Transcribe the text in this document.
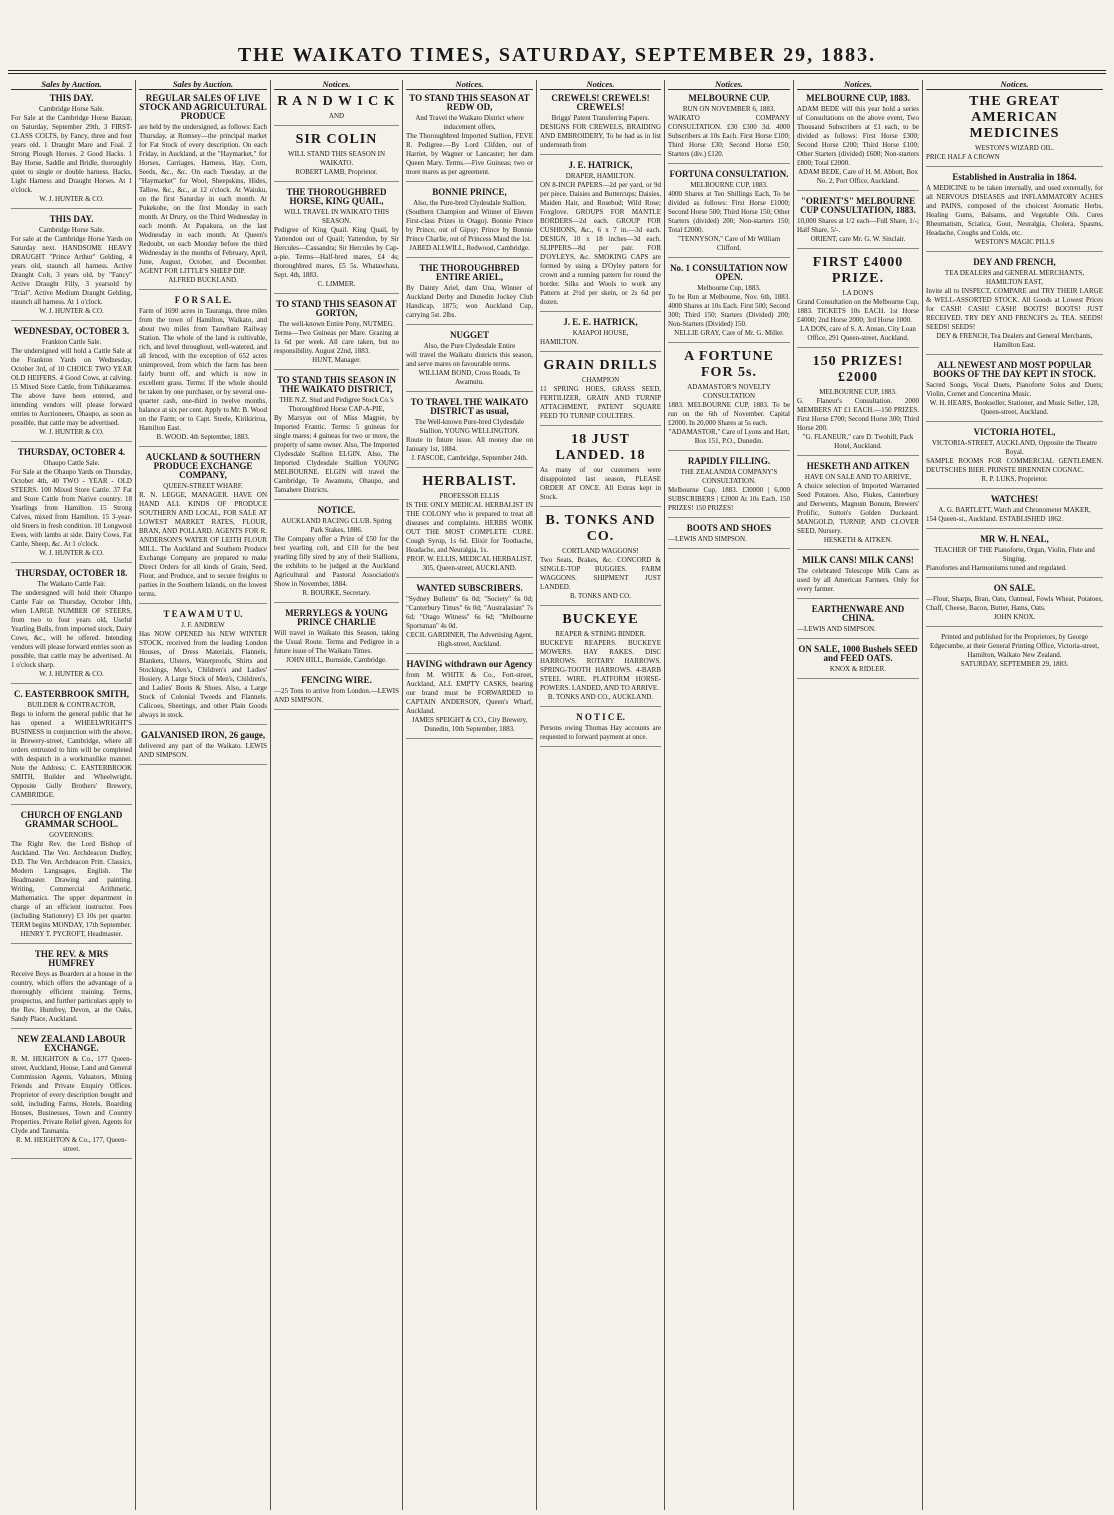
THE WAIKATO TIMES, SATURDAY, SEPTEMBER 29, 1883.
Sales by Auction.
THIS DAY.
Cambridge Horse Sale.
For Sale at the Cambridge Horse Bazaar, on Saturday, September 29th, 3 FIRST-CLASS COLTS, by Fancy, three and four years old. 1 Draught Mare and Foal. 2 Strong Plough Horses. 2 Good Hacks. 1 Bay Horse, Saddle and Bridle, thoroughly quiet to single or double harness. Hacks, Light Harness and Draught Horses. At 1 o'clock.
W. J. HUNTER & CO.
THIS DAY.
Cambridge Horse Sale.
For sale at the Cambridge Horse Yards on Saturday next. HANDSOME HEAVY DRAUGHT "Prince Arthur" Gelding, 4 years old, staunch all harness. Active Draught Colt, 3 years old, by "Fancy" Active Draught Filly, 3 yearsold by "Trial". Active Medium Draught Gelding, staunch all harness. At 1 o'clock.
W. J. HUNTER & CO.
WEDNESDAY, OCTOBER 3.
Frankton Cattle Sale.
The undersigned will hold a Cattle Sale at the Frankton Yards on Wednesday, October 3rd, of 10 CHOICE TWO YEAR OLD HEIFERS. 4 Good Cows, at calving. 15 Mixed Store Cattle, from Tuhikaramea. The above have been entered, and intending vendors will please forward entries to Auctioneers, Ohaupo, as soon as possible, that cattle may be advertised.
W. J. HUNTER & CO.
THURSDAY, OCTOBER 4.
Ohaupo Cattle Sale.
For Sale at the Ohaupo Yards on Thursday, October 4th, 40 TWO - YEAR - OLD STEERS. 100 Mixed Store Cattle. 37 Fat and Store Cattle from Native country. 18 Yearlings from Hamilton. 15 Strong Calves, mixed from Hamilton. 15 3-year-old Steers in fresh condition. 10 Longwool Ewes, with lambs at side. Dairy Cows, Fat Cattle, Sheep, &c. At 1 o'clock.
W. J. HUNTER & CO.
THURSDAY, OCTOBER 18.
The Waikato Cattle Fair.
The undersigned will hold their Ohaupo Cattle Fair on Thursday, October 18th, when LARGE NUMBER OF STEERS, from two to four years old, Useful Yearling Bulls, from imported stock, Dairy Cows, &c., will be offered. Intending vendors will please forward entries soon as possible, that cattle may be advertised. At 1 o'clock sharp.
W. J. HUNTER & CO.
C. EASTERBROOK SMITH,
BUILDER & CONTRACTOR,
Begs to inform the general public that he has opened a WHEELWRIGHT'S BUSINESS in conjunction with the above, in Brewery-street, Cambridge, where all orders entrusted to him will be completed with despatch in a workmanlike manner. Note the Address: C. EASTERBROOK SMITH, Builder and Wheelwright, Opposite Gully Brothers' Brewery, CAMBRIDGE.
CHURCH OF ENGLAND GRAMMAR SCHOOL.
GOVERNORS:
The Right Rev. the Lord Bishop of Auckland. The Ven. Archdeacon Dudley, D.D. The Ven. Archdeacon Pritt. Classics, Modern Languages, English. The Headmaster. Drawing and painting. Writing, Commercial Arithmetic, Mathematics. The upper department in charge of an efficient instructor. Fees (including Stationery) £3 10s per quarter. TERM begins MONDAY, 17th September.
HENRY T. PYCROFT, Headmaster.
THE REV. & MRS HUMFREY
Receive Boys as Boarders at a house in the country, which offers the advantage of a thoroughly efficient training. Terms, prospectus, and further particulars apply to the Rev. Humfrey, Devon, at the Oaks, Sandy Place, Auckland.
NEW ZEALAND LABOUR EXCHANGE.
R. M. HEIGHTON & Co., 177 Queen-street, Auckland, House, Land and General Commission Agents, Valuators, Mining Friends and Private Enquiry Offices. Proprietor of every description bought and sold, including Farms, Hotels, Boarding Houses, Businesses, Town and Country Properties. Private Relief given. Agents for Clyde and Tasmania.
R. M. HEIGHTON & Co., 177, Queen-street.
Sales by Auction.
REGULAR SALES OF LIVE STOCK AND AGRICULTURAL PRODUCE
are held by the undersigned, as follows: Each Thursday, at Romsey—the principal market for Fat Stock of every description. On each Friday, in Auckland, at the "Haymarket," for Horses, Carriages, Harness, Hay, Corn, Seeds, &c., &c. On each Tuesday, at the "Haymarket" for Wool, Sheepskins, Hides, Tallow, &c., &c., at 12 o'clock. At Waiuku, on the first Saturday in each month. At Pukekohe, on the first Monday in each month. At Drury, on the Third Wednesday in each month. At Papakura, on the last Wednesday in each month. At Queen's Redoubt, on each Monday before the third Wednesday in the months of February, April, June, August, October, and December. AGENT FOR LITTLE'S SHEEP DIP.
ALFRED BUCKLAND.
F O R S A L E.
Farm of 1690 acres in Tauranga, three miles from the town of Hamilton, Waikato, and about two miles from Tauwhare Railway Station. The whole of the land is cultivable, rich, and level throughout, well-watered, and all fenced, with the exception of 652 acres unimproved, from which the farm has been fairly burnt off, and which is now in excellent grass. Terms: If the whole should be taken by one purchaser, or by several one-quarter cash, one-third in twelve months, balance at six per cent. Apply to Mr. B. Wood on the Farm; or to Capt. Steele, Kirikiriroa, Hamilton East.
B. WOOD. 4th September, 1883.
AUCKLAND & SOUTHERN PRODUCE EXCHANGE COMPANY,
QUEEN-STREET WHARF.
R. N. LEGGE, MANAGER. HAVE ON HAND ALL KINDS OF PRODUCE SOUTHERN AND LOCAL, FOR SALE AT LOWEST MARKET RATES, FLOUR, BRAN, AND POLLARD. AGENTS FOR R. ANDERSON'S WATER OF LEITH FLOUR MILL. The Auckland and Southern Produce Exchange Company are prepared to make Direct Orders for all kinds of Grain, Seed, Flour, and Produce, and to secure freights to parties in the Southern Islands, on the lowest terms.
T E A W A M U T U.
J. F. ANDREW
Has NOW OPENED his NEW WINTER STOCK, received from the leading London Houses, of Dress Materials, Flannels, Blankets, Ulsters, Waterproofs, Shirts and Stockings, Men's, Children's and Ladies' Hosiery. A Large Stock of Men's, Children's, and Ladies' Boots & Shoes. Also, a Large Stock of Colonial Tweeds and Flannels. Calicoes, Sheetings, and other Plain Goods always in stock.
GALVANISED IRON, 26 gauge,
delivered any part of the Waikato. LEWIS AND SIMPSON.
Notices.
R A N D W I C K
AND
SIR COLIN
WILL STAND THIS SEASON IN WAIKATO.
ROBERT LAMB, Proprietor.
THE THOROUGHBRED HORSE, KING QUAIL,
WILL TRAVEL IN WAIKATO THIS SEASON.
Pedigree of King Quail. King Quail, by Yattendon out of Quail; Yattendon, by Sir Hercules—Cassandra; Sir Hercules by Cap-a-pie. Terms—Half-bred mares, £4 4s; thoroughbred mares, £5 5s. Whatawhata, Sept. 4th, 1883.
C. LIMMER.
TO STAND THIS SEASON AT GORTON,
The well-known Entire Pony, NUTMEG.
Terms—Two Guineas per Mare. Grazing at 1s 6d per week. All care taken, but no responsibility. August 22nd, 1883.
HUNT, Manager.
TO STAND THIS SEASON IN THE WAIKATO DISTRICT,
THE N.Z. Stud and Pedigree Stock Co.'s Thoroughbred Horse CAP-A-PIE,
By Marsyas out of Miss Magpie, by Imported Frantic. Terms: 5 guineas for single mares; 4 guineas for two or more, the property of same owner. Also, The Imported Clydesdale Stallion ELGIN. Also, The Imported Clydesdale Stallion YOUNG MELBOURNE. ELGIN will travel the Cambridge, Te Awamutu, Ohaupo, and Tamahere Districts.
NOTICE.
AUCKLAND RACING CLUB. Spring Park Stakes, 1886.
The Company offer a Prize of £50 for the best yearling colt, and £10 for the best yearling filly sired by any of their Stallions, the exhibits to be judged at the Auckland Agricultural and Pastoral Association's Show in November, 1884.
R. BOURKE, Secretary.
MERRYLEGS & YOUNG PRINCE CHARLIE
Will travel in Waikato this Season, taking the Usual Route. Terms and Pedigree in a future issue of The Waikato Times.
JOHN HILL, Burnside, Cambridge.
FENCING WIRE.
—25 Tons to arrive from London.—LEWIS AND SIMPSON.
Notices.
TO STAND THIS SEASON AT REDW OD,
And Travel the Waikato District where inducement offers,
The Thoroughbred Imported Stallion, FEVE R. Pedigree.—By Lord Clifden, out of Harriet, by Wagner or Lancaster; her dam Queen Mary. Terms.—Five Guineas; two or more mares as per agreement.
BONNIE PRINCE,
Also, the Pure-bred Clydesdale Stallion,
(Southern Champion and Winner of Eleven First-class Prizes in Otago). Bonnie Prince by Prince, out of Gipsy; Prince by Bonnie Prince Charlie, out of Princess Maud the 1st.
JABED ALLWILL, Redwood, Cambridge.
THE THOROUGHBRED ENTIRE ARIEL,
By Dainty Ariel, dam Una, Winner of Auckland Derby and Dunedin Jockey Club Handicap, 1875; won Auckland Cup, carrying 5st. 2lbs.
NUGGET
Also, the Pure Clydesdale Entire
will travel the Waikato districts this season, and serve mares on favourable terms.
WILLIAM BOND, Cross Roads, Te Awamutu.
TO TRAVEL THE WAIKATO DISTRICT as usual,
The Well-known Pure-bred Clydesdale Stallion, YOUNG WELLINGTON.
Route in future issue. All money due on January 1st, 1884.
J. FASCOE, Cambridge, September 24th.
HERBALIST.
PROFESSOR ELLIS
IS THE ONLY MEDICAL HERBALIST IN THE COLONY who is prepared to treat all diseases and complaints. HERBS WORK OUT THE MOST COMPLETE CURE. Cough Syrup, 1s 6d. Elixir for Toothache, Headache, and Neuralgia, 1s.
PROF. W. ELLIS, MEDICAL HERBALIST, 305, Queen-street, AUCKLAND.
WANTED SUBSCRIBERS.
"Sydney Bulletin" 6s 0d; "Society" 6s 0d; "Canterbury Times" 6s 0d; "Australasian" 7s 6d; "Otago Witness" 6s 6d; "Melbourne Sportsman" 4s 0d.
CECIL GARDINER, The Advertising Agent, High-street, Auckland.
HAVING withdrawn our Agency
from M. WHITE & Co., Fort-street, Auckland, ALL EMPTY CASKS, bearing our brand must be FORWARDED to CAPTAIN ANDERSON, Queen's Wharf, Auckland.
JAMES SPEIGHT & CO., City Brewery, Dunedin, 10th September, 1883.
Notices.
CREWELS! CREWELS! CREWELS!
Briggs' Patent Transferring Papers.
DESIGNS FOR CREWELS, BRAIDING AND EMBROIDERY, To be had as in list underneath from
J. E. HATRICK,
DRAPER, HAMILTON.
ON 8-INCH PAPERS—2d per yard, or 9d per piece. Daisies and Buttercups; Daisies, Maiden Hair, and Rosebud; Wild Rose; Foxglove. GROUPS FOR MANTLE BORDERS—2d each. GROUP FOR CUSHIONS, &c., 6 x 7 in.—3d each. DESIGN, 10 x 18 inches—3d each. SLIPPERS—8d per pair. FOR D'OYLEYS, &c. SMOKING CAPS are formed by using a D'Oyley pattern for crown and a running pattern for round the border. Silks and Wools to work any Pattern at 2½d per skein, or 2s 6d per dozen.
J. E. E. HATRICK,
KAIAPOI HOUSE,
HAMILTON.
GRAIN DRILLS
CHAMPION
11 SPRING HOES, GRASS SEED, FERTILIZER, GRAIN AND TURNIP ATTACHMENT, PATENT SQUARE FEED TO TURNIP COULTERS.
18 JUST LANDED. 18
As many of our customers were disappointed last season, PLEASE ORDER AT ONCE. All Extras kept in Stock.
B. TONKS AND CO.
CORTLAND WAGGONS!
Two Seats, Brakes, &c. CONCORD & SINGLE-TOP BUGGIES. FARM WAGGONS. SHIPMENT JUST LANDED.
B. TONKS AND CO.
BUCKEYE
REAPER & STRING BINDER.
BUCKEYE REAPERS. BUCKEYE MOWERS. HAY RAKES. DISC HARROWS. ROTARY HARROWS. SPRING-TOOTH HARROWS. 4-BARB STEEL WIRE. PLATFORM HORSE-POWERS. LANDED, AND TO ARRIVE.
B. TONKS AND CO., AUCKLAND.
N O T I C E.
Persons owing Thomas Hay accounts are requested to forward payment at once.
Notices.
MELBOURNE CUP.
RUN ON NOVEMBER 6, 1883.
WAIKATO COMPANY CONSULTATION. £30 £300 3d. 4000 Subscribers at 10s Each. First Horse £100; Third Horse £30; Second Horse £50; Starters (div.) £120.
FORTUNA CONSULTATION.
MELBOURNE CUP, 1883.
4000 Shares at Ten Shillings Each, To be divided as follows: First Horse £1000; Second Horse 500; Third Horse 150; Other Starters (divided) 200; Non-starters 150; Total £2000.
"TENNYSON," Care of Mr William Clifford.
No. 1 CONSULTATION NOW OPEN.
Melbourne Cup, 1883.
To be Run at Melbourne, Nov. 6th, 1883. 4000 Shares at 10s Each. First 500; Second 300; Third 150; Starters (Divided) 200; Non-Starters (Divided) 150.
NELLIE GRAY, Care of Mr. G. Miller.
A FORTUNE FOR 5s.
ADAMASTOR'S NOVELTY CONSULTATION
1883. MELBOURNE CUP, 1883. To be run on the 6th of November. Capital £2000. In 20,000 Shares at 5s each.
"ADAMASTOR," Care of Lyons and Hart, Box 151, P.O., Dunedin.
RAPIDLY FILLING.
THE ZEALANDIA COMPANY'S CONSULTATION.
Melbourne Cup, 1883. £30000 | 6,000 SUBSCRIBERS | £2000 At 10s Each. 150 PRIZES! 150 PRIZES!
BOOTS AND SHOES
—LEWIS AND SIMPSON.
Notices.
MELBOURNE CUP, 1883.
ADAM BEDE will this year hold a series of Consultations on the above event, Two Thousand Subscribers at £1 each, to be divided as follows: First Horse £300; Second Horse £200; Third Horse £100; Other Starters (divided) £600; Non-starters £800; Total £2000.
ADAM BEDE, Care of H. M. Abbott, Box No. 2, Port Office, Auckland.
"ORIENT'S" MELBOURNE CUP CONSULTATION, 1883.
10,000 Shares at 1/2 each—Full Share, 1/-; Half Share, 5/-.
ORIENT, care Mr. G. W. Sinclair.
FIRST £4000 PRIZE.
LA DON'S
Grand Consultation on the Melbourne Cup, 1883. TICKETS 10s EACH. 1st Horse £4000; 2nd Horse 2000; 3rd Horse 1000.
LA DON, care of S. A. Annan, City Loan Office, 291 Queen-street, Auckland.
150 PRIZES! £2000
MELBOURNE CUP, 1883.
G. Flaneur's Consultation. 2000 MEMBERS AT £1 EACH.—150 PRIZES. First Horse £700; Second Horse 300; Third Horse 200.
"G. FLANEUR," care D. Twohill, Pack Hotel, Auckland.
HESKETH AND AITKEN
HAVE ON SALE AND TO ARRIVE,
A choice selection of Imported Warranted Seed Potatoes. Also, Flukes, Canterbury and Derwents, Magnum Bonum, Brewers' Prolific, Sutton's Golden Duckeard. MANGOLD, TURNIP, AND CLOVER SEED, Nursery.
HESKETH & AITKEN.
MILK CANS! MILK CANS!
The celebrated Telescope Milk Cans as used by all American Farmers. Only for every farmer.
EARTHENWARE AND CHINA.
—LEWIS AND SIMPSON.
ON SALE, 1000 Bushels SEED and FEED OATS.
KNOX & RIDLER.
Notices.
THE GREAT AMERICAN MEDICINES
WESTON'S WIZARD OIL.
PRICE HALF A CROWN
Established in Australia in 1864.
A MEDICINE to be taken internally, and used externally, for all NERVOUS DISEASES and INFLAMMATORY ACHES and PAINS, composed of the choicest Aromatic Herbs, Healing Gums, Balsams, and Vegetable Oils. Cures Rheumatism, Sciatica, Gout, Neuralgia, Cholera, Spasms, Headache, Coughs and Colds, etc.
WESTON'S MAGIC PILLS
DEY AND FRENCH,
TEA DEALERS and GENERAL MERCHANTS, HAMILTON EAST,
Invite all to INSPECT, COMPARE and TRY THEIR LARGE & WELL-ASSORTED STOCK. All Goods at Lowest Prices for CASH! CASH! CASH! BOOTS! BOOTS! JUST RECEIVED. TRY DEY AND FRENCH'S 2s. TEA. SEEDS! SEEDS! SEEDS!
DEY & FRENCH, Tea Dealers and General Merchants, Hamilton East.
ALL NEWEST AND MOST POPULAR BOOKS OF THE DAY KEPT IN STOCK.
Sacred Songs, Vocal Duets, Pianoforte Solos and Duets; Violin, Cornet and Concertina Music.
W. H. HEARS, Bookseller, Stationer, and Music Seller, 128, Queen-street, Auckland.
VICTORIA HOTEL,
VICTORIA-STREET, AUCKLAND, Opposite the Theatre Royal.
SAMPLE ROOMS FOR COMMERCIAL GENTLEMEN. DEUTSCHES BIER. PRINSTE BRENNEN COGNAC.
R. P. LUKS, Proprietor.
WATCHES!
A. G. BARTLETT, Watch and Chronometer MAKER,
154 Queen-st., Auckland. ESTABLISHED 1862.
MR W. H. NEAL,
TEACHER OF THE Pianoforte, Organ, Violin, Flute and Singing.
Pianofortes and Harmoniums tuned and regulated.
ON SALE.
—Flour, Sharps, Bran, Oats, Oatmeal, Fowls Wheat, Potatoes, Chaff, Cheese, Bacon, Butter, Hams, Oats.
JOHN KNOX.
Printed and published for the Proprietors, by George Edgecumbe, at their General Printing Office, Victoria-street, Hamilton, Waikato New Zealand.
SATURDAY, SEPTEMBER 29, 1883.
